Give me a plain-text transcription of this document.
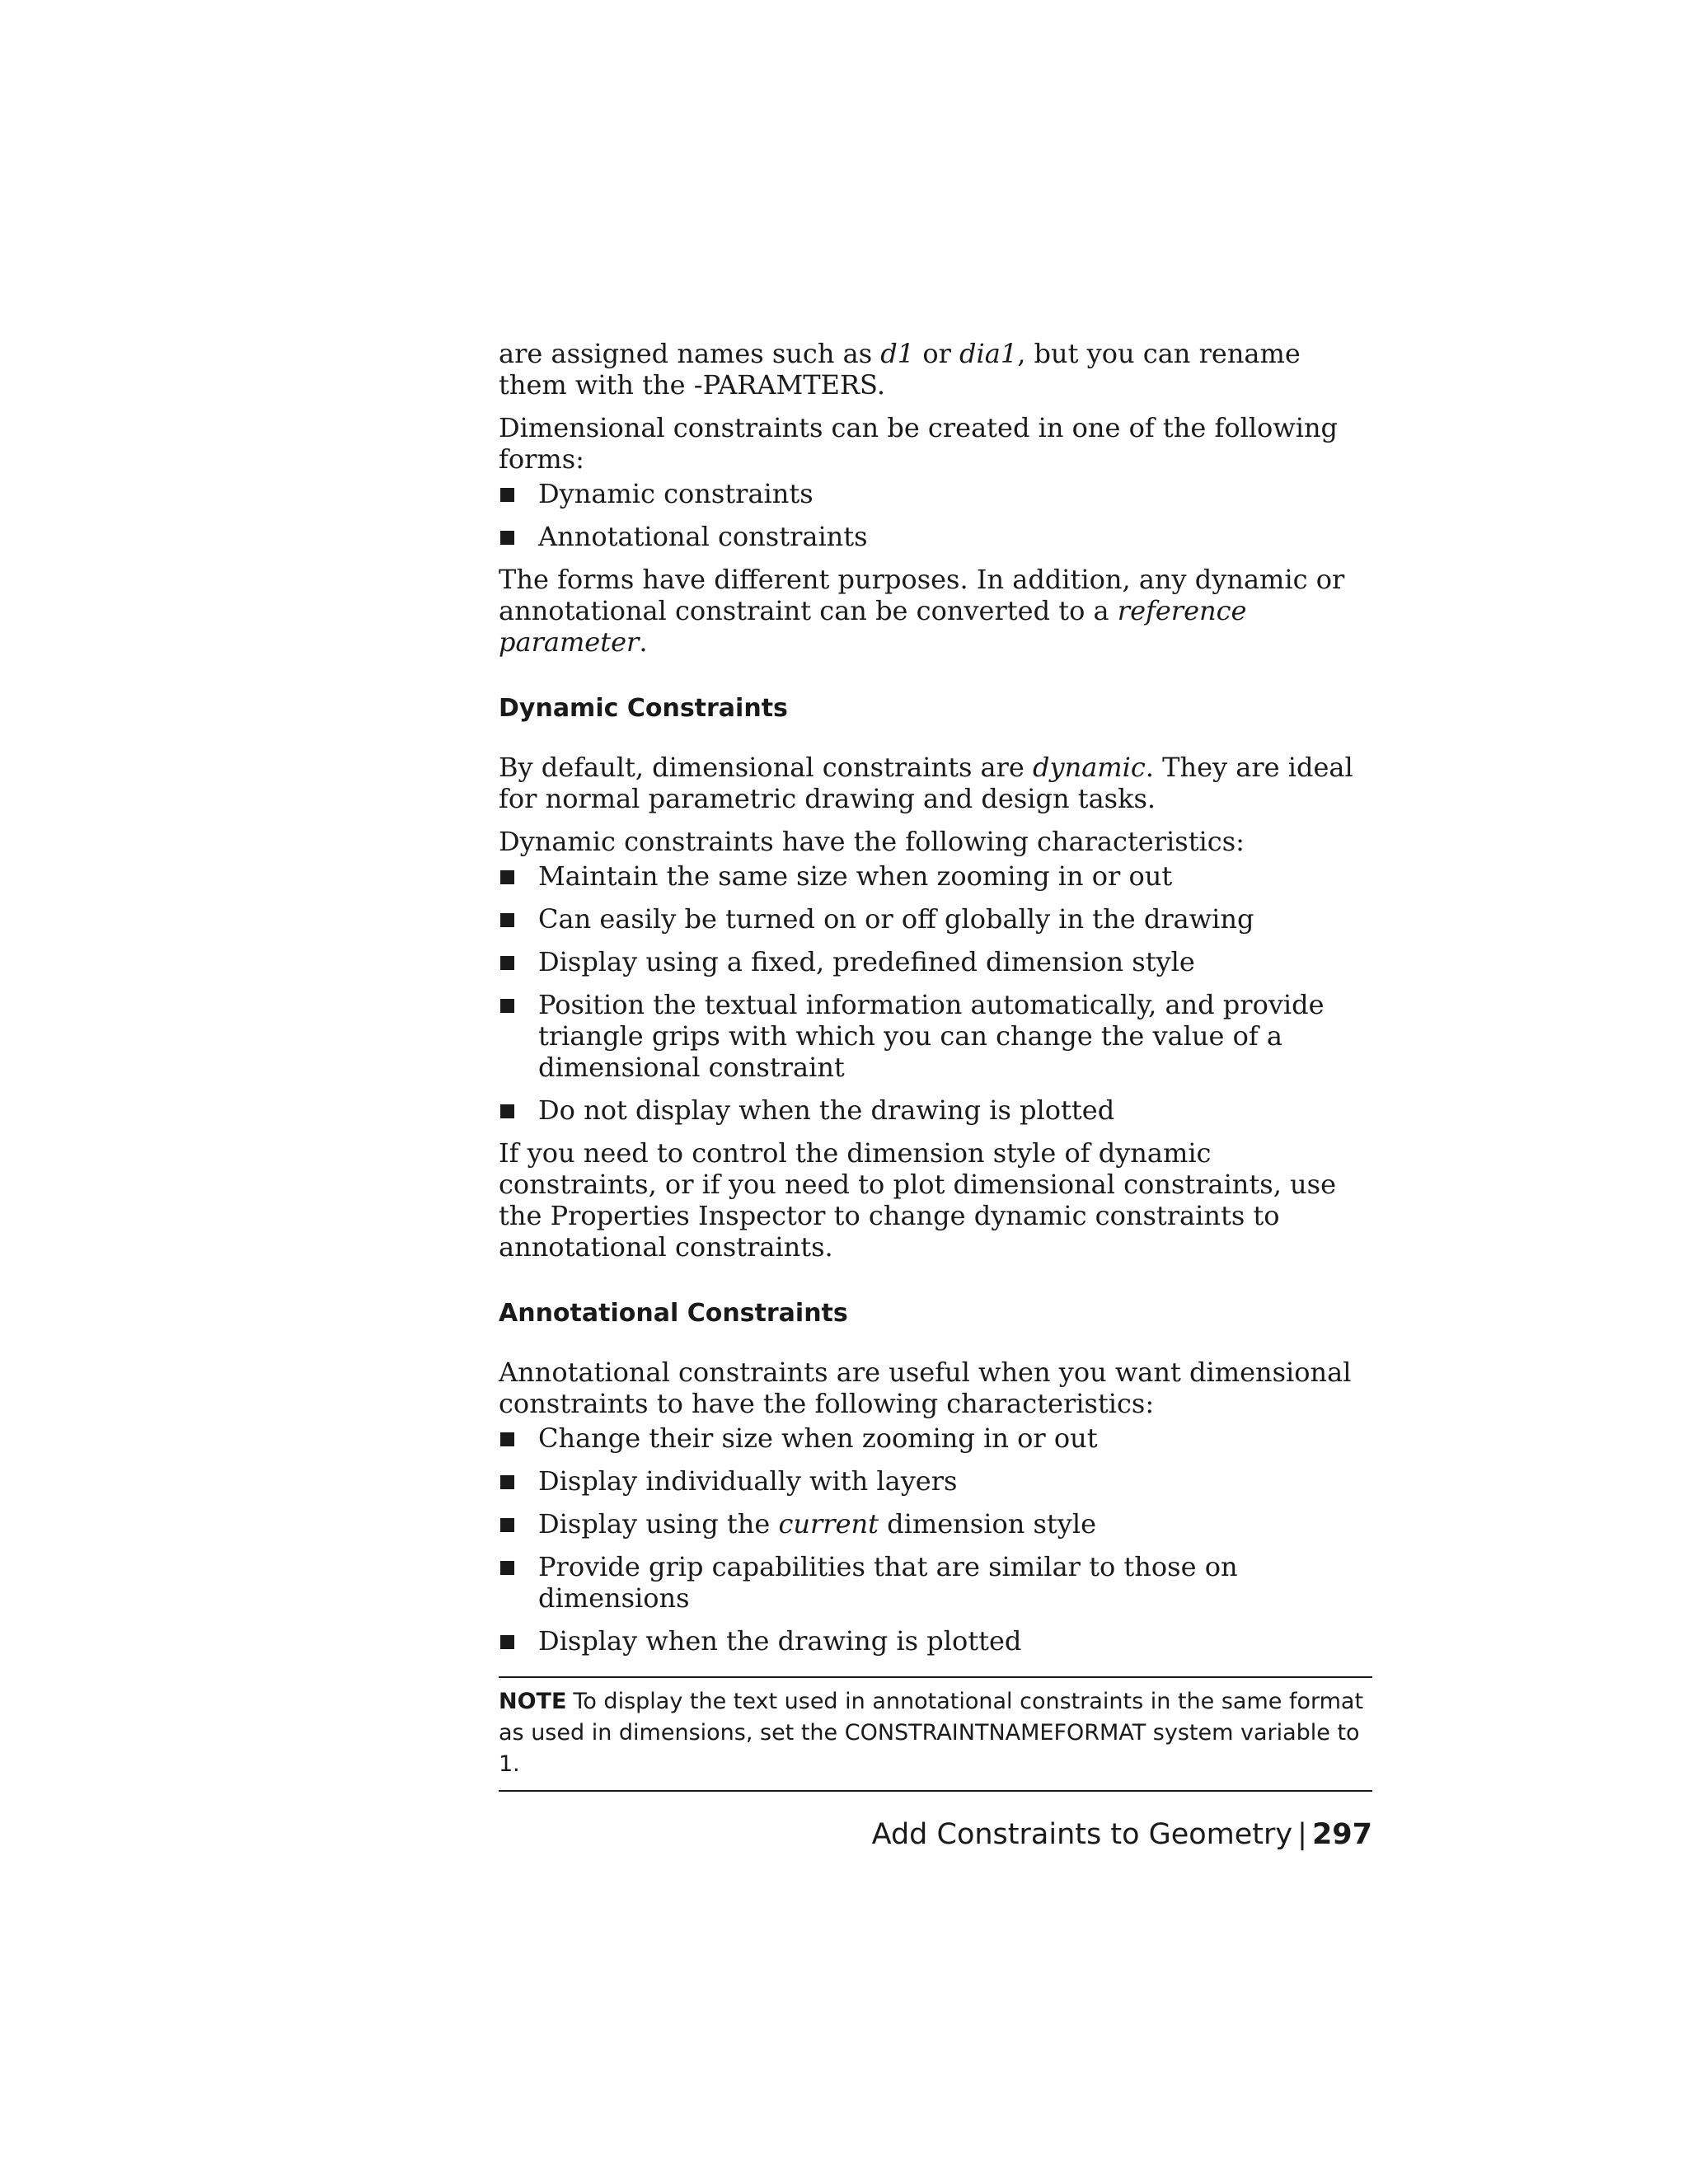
are assigned names such as d1 or dia1, but you can rename them with the -PARAMTERS.

Dimensional constraints can be created in one of the following forms:

Dynamic constraints
Annotational constraints

The forms have different purposes. In addition, any dynamic or annotational constraint can be converted to a reference parameter.

Dynamic Constraints

By default, dimensional constraints are dynamic. They are ideal for normal parametric drawing and design tasks.

Dynamic constraints have the following characteristics:

Maintain the same size when zooming in or out
Can easily be turned on or off globally in the drawing
Display using a fixed, predefined dimension style
Position the textual information automatically, and provide triangle grips with which you can change the value of a dimensional constraint
Do not display when the drawing is plotted

If you need to control the dimension style of dynamic constraints, or if you need to plot dimensional constraints, use the Properties Inspector to change dynamic constraints to annotational constraints.

Annotational Constraints

Annotational constraints are useful when you want dimensional constraints to have the following characteristics:

Change their size when zooming in or out
Display individually with layers
Display using the current dimension style
Provide grip capabilities that are similar to those on dimensions
Display when the drawing is plotted
NOTE To display the text used in annotational constraints in the same format as used in dimensions, set the CONSTRAINTNAMEFORMAT system variable to 1.
Add Constraints to Geometry | 297
